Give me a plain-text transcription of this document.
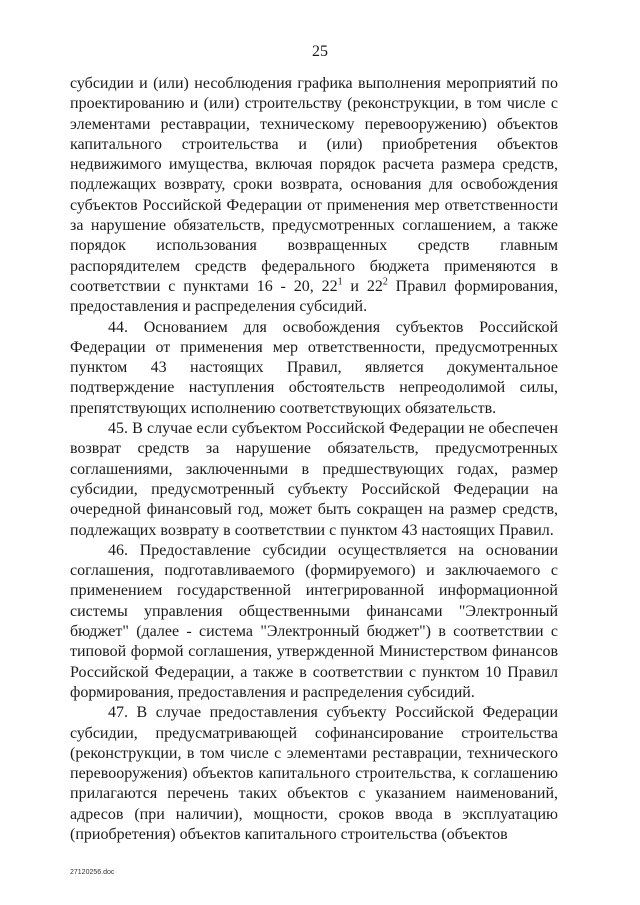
25

субсидии и (или) несоблюдения графика выполнения мероприятий по проектированию и (или) строительству (реконструкции, в том числе с элементами реставрации, техническому перевооружению) объектов капитального строительства и (или) приобретения объектов недвижимого имущества, включая порядок расчета размера средств, подлежащих возврату, сроки возврата, основания для освобождения субъектов Российской Федерации от применения мер ответственности за нарушение обязательств, предусмотренных соглашением, а также порядок использования возвращенных средств главным распорядителем средств федерального бюджета применяются в соответствии с пунктами 16 - 20, $22^1$ и $22^2$ Правил формирования, предоставления и распределения субсидий.

44. Основанием для освобождения субъектов Российской Федерации от применения мер ответственности, предусмотренных пунктом 43 настоящих Правил, является документальное подтверждение наступления обстоятельств непреодолимой силы, препятствующих исполнению соответствующих обязательств.

45. В случае если субъектом Российской Федерации не обеспечен возврат средств за нарушение обязательств, предусмотренных соглашениями, заключенными в предшествующих годах, размер субсидии, предусмотренный субъекту Российской Федерации на очередной финансовый год, может быть сокращен на размер средств, подлежащих возврату в соответствии с пунктом 43 настоящих Правил.

46. Предоставление субсидии осуществляется на основании соглашения, подготавливаемого (формируемого) и заключаемого с применением государственной интегрированной информационной системы управления общественными финансами "Электронный бюджет" (далее - система "Электронный бюджет") в соответствии с типовой формой соглашения, утвержденной Министерством финансов Российской Федерации, а также в соответствии с пунктом 10 Правил формирования, предоставления и распределения субсидий.

47. В случае предоставления субъекту Российской Федерации субсидии, предусматривающей софинансирование строительства (реконструкции, в том числе с элементами реставрации, технического перевооружения) объектов капитального строительства, к соглашению прилагаются перечень таких объектов с указанием наименований, адресов (при наличии), мощности, сроков ввода в эксплуатацию (приобретения) объектов капитального строительства (объектов

27120256.doc
